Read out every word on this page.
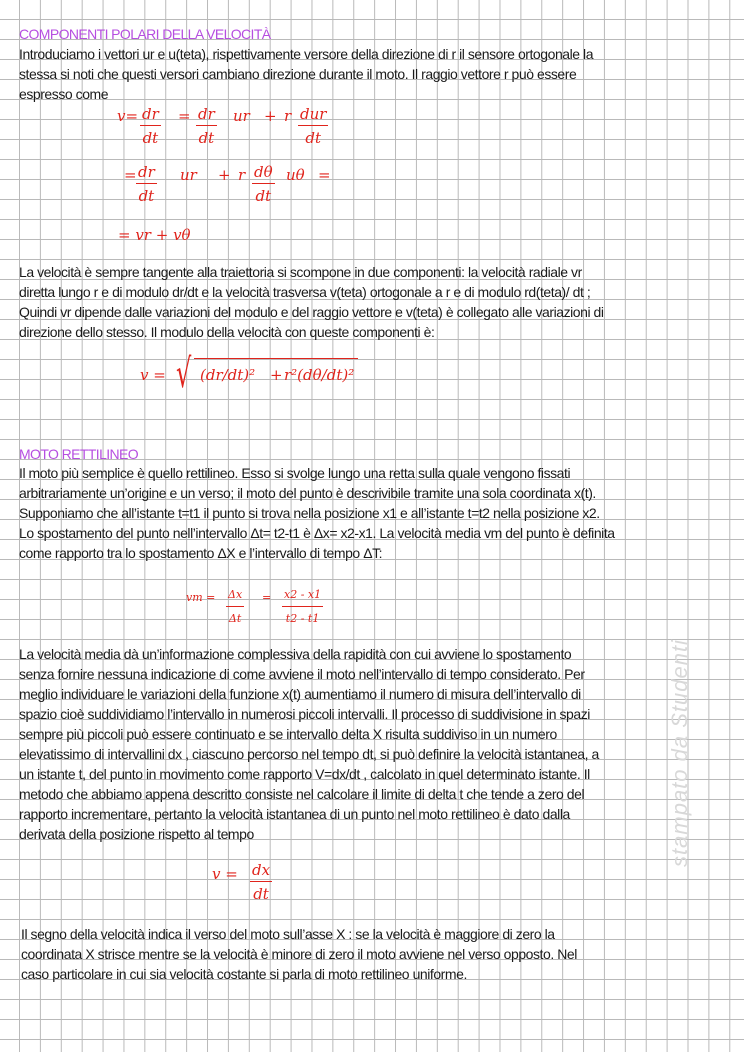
stampato da Studenti
COMPONENTI POLARI DELLA VELOCITÀ
Introduciamo i vettori ur e u(teta), rispettivamente versore della direzione di r il sensore ortogonale la
stessa si noti che questi versori cambiano direzione durante il moto. Il raggio vettore r può essere
espresso come
v= dr
dt
= dr
dt
ur + r dur
dt
= dr
dt
ur + r dθ
dt
uθ =
= vr + vθ
La velocità è sempre tangente alla traiettoria si scompone in due componenti: la velocità radiale vr
diretta lungo r e di modulo dr/dt e la velocità trasversa v(teta) ortogonale a r e di modulo rd(teta)/ dt ;
Quindi vr dipende dalle variazioni del modulo e del raggio vettore e v(teta) è collegato alle variazioni di
direzione dello stesso. Il modulo della velocità con queste componenti è:
v = √ (dr/dt)² + r²(dθ/dt)²
MOTO RETTILINEO
Il moto più semplice è quello rettilineo. Esso si svolge lungo una retta sulla quale vengono fissati
arbitrariamente un’origine e un verso; il moto del punto è descrivibile tramite una sola coordinata x(t).
Supponiamo che all’istante t=t1 il punto si trova nella posizione x1 e all’istante t=t2 nella posizione x2.
Lo spostamento del punto nell’intervallo Δt= t2-t1 è Δx= x2-x1. La velocità media vm del punto è definita
come rapporto tra lo spostamento ΔX e l’intervallo di tempo ΔT:
vm = Δx
Δt
= x2 - x1
t2 - t1
La velocità media dà un’informazione complessiva della rapidità con cui avviene lo spostamento
senza fornire nessuna indicazione di come avviene il moto nell’intervallo di tempo considerato. Per
meglio individuare le variazioni della funzione x(t) aumentiamo il numero di misura dell’intervallo di
spazio cioè suddividiamo l’intervallo in numerosi piccoli intervalli. Il processo di suddivisione in spazi
sempre più piccoli può essere continuato e se intervallo delta X risulta suddiviso in un numero
elevatissimo di intervallini dx , ciascuno percorso nel tempo dt, si può definire la velocità istantanea, a
un istante t, del punto in movimento come rapporto V=dx/dt , calcolato in quel determinato istante. Il
metodo che abbiamo appena descritto consiste nel calcolare il limite di delta t che tende a zero del
rapporto incrementare, pertanto la velocità istantanea di un punto nel moto rettilineo è dato dalla
derivata della posizione rispetto al tempo
v = dx
dt
Il segno della velocità indica il verso del moto sull’asse X : se la velocità è maggiore di zero la
coordinata X strisce mentre se la velocità è minore di zero il moto avviene nel verso opposto. Nel
caso particolare in cui sia velocità costante si parla di moto rettilineo uniforme.
